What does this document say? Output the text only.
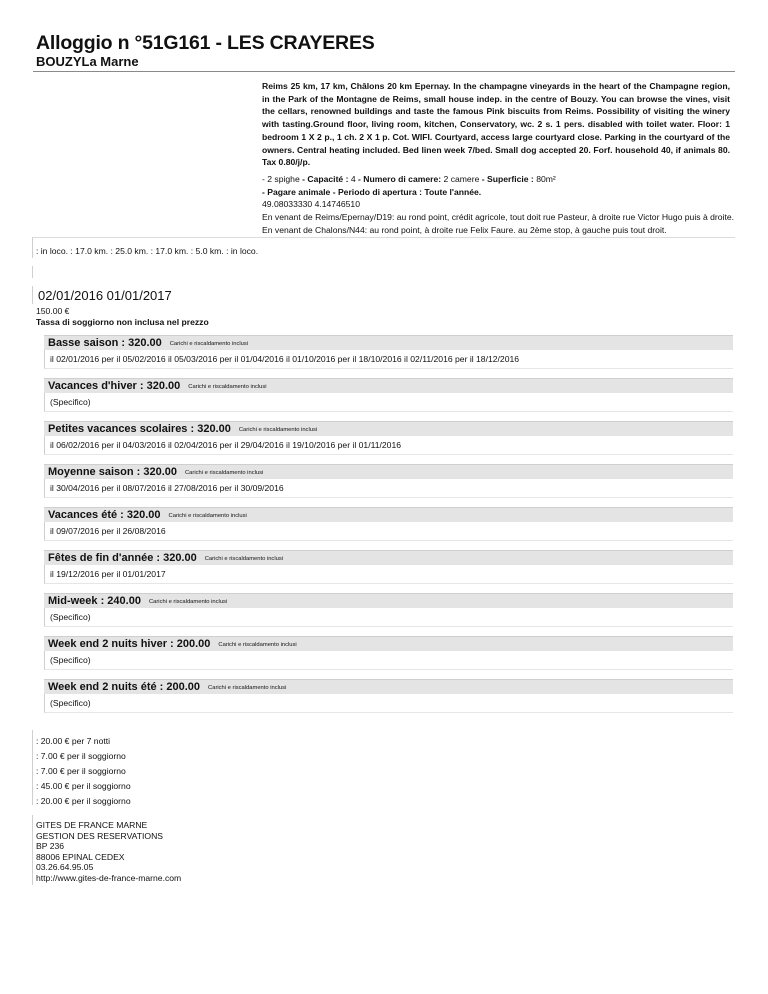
Alloggio n °51G161 - LES CRAYERES
BOUZYLa Marne

Reims 25 km, 17 km, Châlons 20 km Epernay. In the champagne vineyards in the heart of the Champagne region, in the Park of the Montagne de Reims, small house indep. in the centre of Bouzy. You can browse the vines, visit the cellars, renowned buildings and taste the famous Pink biscuits from Reims. Possibility of visiting the winery with tasting.Ground floor, living room, kitchen, Conservatory, wc. 2 s. 1 pers. disabled with toilet water. Floor: 1 bedroom 1 X 2 p., 1 ch. 2 X 1 p. Cot. WIFI. Courtyard, access large courtyard close. Parking in the courtyard of the owners. Central heating included. Bed linen week 7/bed. Small dog accepted 20. Forf. household 40, if animals 80. Tax 0.80/j/p.

- 2 spighe - Capacité : 4 - Numero di camere: 2 camere - Superficie : 80m²
- Pagare animale - Periodo di apertura : Toute l'année.
49.08033330 4.14746510
En venant de Reims/Epernay/D19: au rond point, crédit agricole, tout doit rue Pasteur, à droite rue Victor Hugo puis à droite. En venant de Chalons/N44: au rond point, à droite rue Felix Faure. au 2ème stop, à gauche puis tout droit.
: in loco. : 17.0 km. : 25.0 km. : 17.0 km. : 5.0 km. : in loco.
02/01/2016 01/01/2017
150.00 €
Tassa di soggiorno non inclusa nel prezzo
Basse saison : 320.00 Carichi e riscaldamento inclusi
il 02/01/2016 per il 05/02/2016 il 05/03/2016 per il 01/04/2016 il 01/10/2016 per il 18/10/2016 il 02/11/2016 per il 18/12/2016
Vacances d'hiver : 320.00 Carichi e riscaldamento inclusi
(Specifico)
Petites vacances scolaires : 320.00 Carichi e riscaldamento inclusi
il 06/02/2016 per il 04/03/2016 il 02/04/2016 per il 29/04/2016 il 19/10/2016 per il 01/11/2016
Moyenne saison : 320.00 Carichi e riscaldamento inclusi
il 30/04/2016 per il 08/07/2016 il 27/08/2016 per il 30/09/2016
Vacances été : 320.00 Carichi e riscaldamento inclusi
il 09/07/2016 per il 26/08/2016
Fêtes de fin d'année : 320.00 Carichi e riscaldamento inclusi
il 19/12/2016 per il 01/01/2017
Mid-week : 240.00 Carichi e riscaldamento inclusi
(Specifico)
Week end 2 nuits hiver : 200.00 Carichi e riscaldamento inclusi
(Specifico)
Week end 2 nuits été : 200.00 Carichi e riscaldamento inclusi
(Specifico)
: 20.00 € per 7 notti
: 7.00 € per il soggiorno
: 7.00 € per il soggiorno
: 45.00 € per il soggiorno
: 20.00 € per il soggiorno
GITES DE FRANCE MARNE
GESTION DES RESERVATIONS
BP 236
88006 EPINAL CEDEX
03.26.64.95.05
http://www.gites-de-france-marne.com
